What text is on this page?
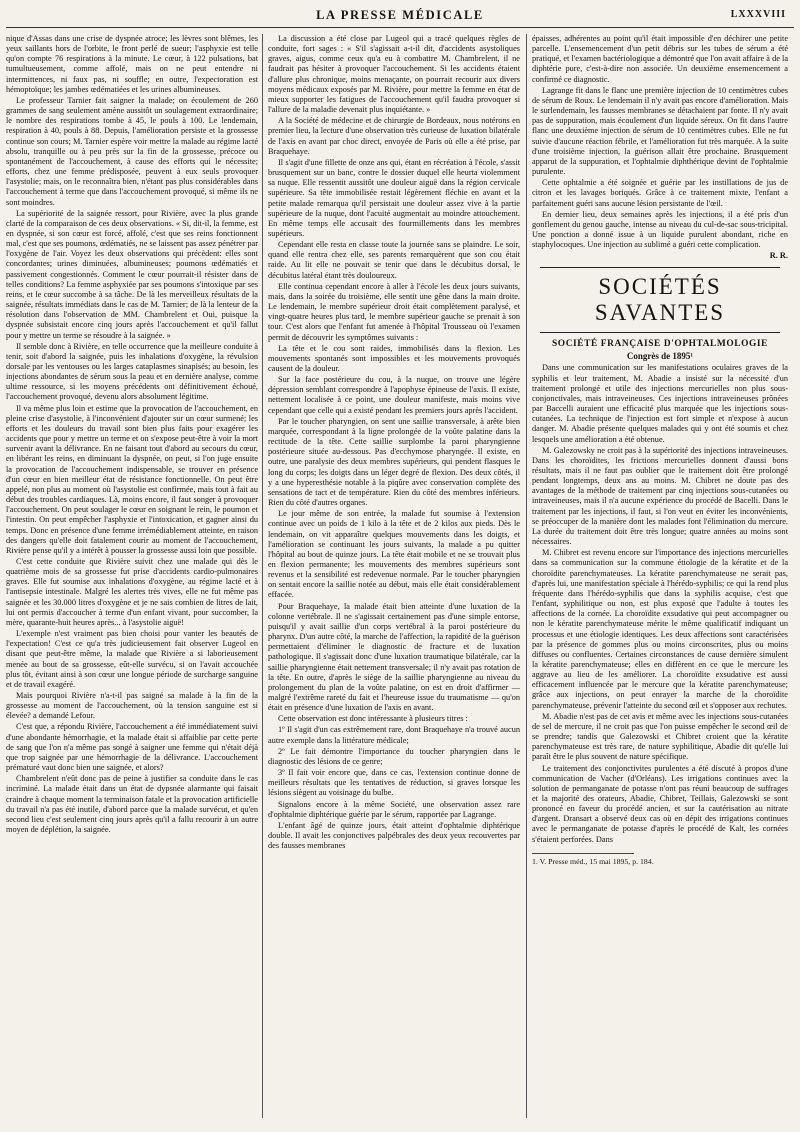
LA PRESSE MÉDICALE	LXXXVIII

nique d'Assas dans une crise de dyspnée atroce; les lèvres sont blêmes, les yeux saillants hors de l'orbite, le front perlé de sueur; l'asphyxie est telle qu'on compte 76 respirations à la minute. Le cœur, à 122 pulsations, bat tumultueusement, comme affolé, mais on ne peut entendre ni intermittences, ni faux pas, ni souffle; en outre, l'expectoration est hémoptoïque; les jambes œdématiées et les urines albumineuses.

Le professeur Tarnier fait saigner la malade; on écoulement de 260 grammes de sang seulement amène aussitôt un soulagement extraordinaire; le nombre des respirations tombe à 45, le pouls à 100. Le lendemain, respiration à 40, pouls à 88. Depuis, l'amélioration persiste et la grossesse continue son cours; M. Tarnier espère voir mettre la malade au régime lacté absolu, tranquille ou à peu près sur la fin de la grossesse, précoce ou spontanément de l'accouchement, à cause des efforts qui le nécessite; efforts, chez une femme prédisposée, peuvent à eux seuls provoquer l'asystolie; mais, on le reconnaîtra bien, n'étant pas plus considérables dans l'accouchement à terme que dans l'accouchement provoqué, si même ils ne sont moindres.

La supériorité de la saignée ressort, pour Rivière, avec la plus grande clarté de la comparaison de ces deux observations. « Si, dit-il, la femme, est en dyspnée, si son cœur est forcé, affolé, c'est que ses reins fonctionnent mal, c'est que ses poumons, œdématiés, ne se laissent pas assez pénétrer par l'oxygène de l'air. Voyez les deux observations qui précèdent: elles sont concordantes; urines diminuées, albumineuses; poumons œdématiés et passivement congestionnés. Comment le cœur pourrait-il résister dans de telles conditions? La femme asphyxiée par ses poumons s'intoxique par ses reins, et le cœur succombe à sa tâche. De là les merveilleux résultats de la saignée, résultats immédiats dans le cas de M. Tarnier; de là la lenteur de la résolution dans l'observation de MM. Chambrelent et Oui, puisque la dyspnée subsistait encore cinq jours après l'accouchement et qu'il fallut pour y mettre un terme se résoudre à la saignée. »

Il semble donc à Rivière, en telle occurrence que la meilleure conduite à tenir, soit d'abord la saignée, puis les inhalations d'oxygène, la révulsion dorsale par les ventouses ou les larges cataplasmes sinapisés; au besoin, les injections abondantes de sérum sous la peau et en dernière analyse, comme ultime ressource, si les moyens précédents ont définitivement échoué, l'accouchement provoqué, devenu alors absolument légitime.

Il va même plus loin et estime que la provocation de l'accouchement, en pleine crise d'asystolie, à l'inconvénient d'ajouter sur un cœur surmené; les efforts et les douleurs du travail sont bien plus faits pour exagérer les accidents que pour y mettre un terme et on s'expose peut-être à voir la mort survenir avant la délivrance. En ne faisant tout d'abord au secours du cœur, en libérant les reins, en diminuant la dyspnée, on peut, si l'on juge ensuite la provocation de l'accouchement indispensable, se trouver en présence d'un cœur en bien meilleur état de résistance fonctionnelle. On peut être appelé, non plus au moment où l'asystolie est confirmée, mais tout à fait au début des troubles cardiaques. Là, moins encore, il faut songer à provoquer l'accouchement. On peut soulager le cœur en soignant le rein, le poumon et l'intestin. On peut empêcher l'asphyxie et l'intoxication, et gagner ainsi du temps. Donc en présence d'une femme irrémédiablement atteinte, en raison des dangers qu'elle doit fatalement courir au moment de l'accouchement, Rivière pense qu'il y a intérêt à pousser la grossesse aussi loin que possible.

C'est cette conduite que Rivière suivit chez une malade qui dès le quatrième mois de sa grossesse fut prise d'accidents cardio-pulmonaires graves. Elle fut soumise aux inhalations d'oxygène, au régime lacté et à l'antisepsie intestinale. Malgré les alertes très vives, elle ne fut même pas saignée et les 30.000 litres d'oxygène et je ne sais combien de litres de lait, lui ont permis d'accoucher à terme d'un enfant vivant, pour succomber, la mère, quarante-huit heures après... à l'asystolie aiguë!

L'exemple n'est vraiment pas bien choisi pour vanter les beautés de l'expectation! C'est ce qu'a très judicieusement fait observer Lugeol en disant que peut-être même, la malade que Rivière a si laborieusement menée au bout de sa grossesse, eût-elle survécu, si on l'avait accouchée plus tôt, évitant ainsi à son cœur une longue période de surcharge sanguine et de travail exagéré.

Mais pourquoi Rivière n'a-t-il pas saigné sa malade à la fin de la grossesse au moment de l'accouchement, où la tension sanguine est si élevée? a demandé Lefour.

C'est que, a répondu Rivière, l'accouchement a été immédiatement suivi d'une abondante hémorrhagie, et la malade était si affaiblie par cette perte de sang que l'on n'a même pas songé à saigner une femme qui n'était déjà que trop saignée par une hémorrhagie de la délivrance. L'accouchement prématuré vaut donc bien une saignée, et alors?

Chambrelent n'eût donc pas de peine à justifier sa conduite dans le cas incriminé. La malade était dans un état de dypsnée alarmante qui faisait craindre à chaque moment la terminaison fatale et la provocation artificielle du travail n'a pas été inutile, d'abord parce que la malade survécut, et qu'en second lieu c'est seulement cinq jours après qu'il a fallu recourir à un autre moyen de déplétion, la saignée.

La discussion a été close par Lugeol qui a tracé quelques règles de conduite, fort sages : « S'il s'agissait a-t-il dit, d'accidents asystoliques graves, aigus, comme ceux qu'a eu à combattre M. Chambrelent, il ne faudrait pas hésiter à provoquer l'accouchement. Si les accidents étaient d'allure plus chronique, moins menaçante, on pourrait recourir aux divers moyens médicaux exposés par M. Rivière, pour mettre la femme en état de mieux supporter les fatigues de l'accouchement qu'il faudra provoquer si l'allure de la maladie devenait plus inquiétante. »

A la Société de médecine et de chirurgie de Bordeaux, nous notérons en premier lieu, la lecture d'une observation très curieuse de luxation bilatérale de l'axis en avant par choc direct, envoyée de Paris où elle a été prise, par Braquehaye.

Il s'agit d'une fillette de onze ans qui, étant en récréation à l'école, s'assit brusquement sur un banc, contre le dossier duquel elle heurta violemment sa nuque. Elle ressentit aussitôt une douleur aiguë dans la région cervicale supérieure. Sa tête immobilisée restait légèrement fléchie en avant et la petite malade remarqua qu'il persistait une douleur assez vive à la partie supérieure de la nuque, dont l'acuité augmentait au moindre attouchement. En même temps elle accusait des fourmillements dans les membres supérieurs.

Cependant elle resta en classe toute la journée sans se plaindre. Le soir, quand elle rentra chez elle, ses parents remarquèrent que son cou était raide. Au lit elle ne pouvait se tenir que dans le décubitus dorsal, le décubitus latéral étant très douloureux.

Elle continua cependant encore à aller à l'école les deux jours suivants, mais, dans la soirée du troisième, elle sentit une gêne dans la main droite. Le lendemain, le membre supérieur droit était complètement paralysé, et vingt-quatre heures plus tard, le membre supérieur gauche se prenait à son tour. C'est alors que l'enfant fut amenée à l'hôpital Trousseau où l'examen permit de découvrir les symptômes suivants :

La tête et le cou sont raides, immobilisés dans la flexion. Les mouvements spontanés sont impossibles et les mouvements provoqués causent de la douleur.

Sur la face postérieure du cou, à la nuque, on trouve une légère dépression semblant correspondre à l'apophyse épineuse de l'axis. Il existe, nettement localisée à ce point, une douleur manifeste, mais moins vive cependant que celle qui a existé pendant les premiers jours après l'accident.

Par le toucher pharyngien, on sent une saillie transversale, à arête bien marquée, correspondant à la ligne prolongée de la voûte palatine dans la rectitude de la tête. Cette saillie surplombe la paroi pharyngienne postérieure située au-dessous. Pas d'ecchymose pharyngée. Il existe, en outre, une paralysie des deux membres supérieurs, qui pendent flasques le long du corps; les doigts dans un léger degré de flexion. Des deux côtés, il y a une hyperesthésie notable à la piqûre avec conservation complète des sensations de tact et de température. Rien du côté des membres inférieurs. Rien du côté d'autres organes.

Le jour même de son entrée, la malade fut soumise à l'extension continue avec un poids de 1 kilo à la tête et de 2 kilos aux pieds. Dès le lendemain, on vit apparaître quelques mouvements dans les doigts, et l'amélioration se continuant les jours suivants, la malade a pu quitter l'hôpital au bout de quinze jours. La tête était mobile et ne se trouvait plus en flexion permanente; les mouvements des membres supérieurs sont revenus et la sensibilité est redevenue normale. Par le toucher pharyngien on sentait encore la saillie notée au début, mais elle était considérablement effacée.

Pour Braquehaye, la malade était bien atteinte d'une luxation de la colonne vertébrale. Il ne s'agissait certainement pas d'une simple entorse, puisqu'il y avait saillie d'un corps vertébral à la paroi postérieure du pharynx. D'un autre côté, la marche de l'affection, la rapidité de la guérison permettaient d'éliminer le diagnostic de fracture et de luxation pathologique. Il s'agissait donc d'une luxation traumatique bilatérale, car la saillie pharyngienne était nettement transversale; il n'y avait pas rotation de la tête. En outre, d'après le siège de la saillie pharyngienne au niveau du prolongement du plan de la voûte palatine, on est en droit d'affirmer — malgré l'extrême rareté du fait et l'heureuse issue du traumatisme — qu'on était en présence d'une luxation de l'axis en avant.

Cette observation est donc intéressante à plusieurs titres :

1º Il s'agit d'un cas extrêmement rare, dont Braquehaye n'a trouvé aucun autre exemple dans la littérature médicale;

2º Le fait démontre l'importance du toucher pharyngien dans le diagnostic des lésions de ce genre;

3º Il fait voir encore que, dans ce cas, l'extension continue donne de meilleurs résultats que les tentatives de réduction, si graves lorsque les lésions siègent au voisinage du bulbe.

Signalons encore à la même Société, une observation assez rare d'ophtalmie diphtérique guérie par le sérum, rapportée par Lagrange.

L'enfant âgé de quinze jours, était atteint d'ophtalmie diphtérique double. Il avait les conjonctives palpébrales des deux yeux recouvertes par des fausses membranes

épaisses, adhérentes au point qu'il était impossible d'en déchirer une petite parcelle. L'ensemencement d'un petit débris sur les tubes de sérum a été pratiqué, et l'examen bactériologique a démontré que l'on avait affaire à de la diphtérie pure, c'est-à-dire non associée. Un deuxième ensemencement a confirmé ce diagnostic.

Lagrange fit dans le flanc une première injection de 10 centimètres cubes de sérum de Roux. Le lendemain il n'y avait pas encore d'amélioration. Mais le surlendemain, les fausses membranes se détachaient par fonte. Il n'y avait pas de suppuration, mais écoulement d'un liquide séreux. On fit dans l'autre flanc une deuxième injection de sérum de 10 centimètres cubes. Elle ne fut suivie d'aucune réaction fébrile, et l'amélioration fut très marquée. A la suite d'une troisième injection, la guérison allait être prochaine. Brusquement apparut de la suppuration, et l'ophtalmie diphthérique devint de l'ophtalmie purulente.

Cette ophtalmie a été soignée et guérie par les instillations de jus de citron et les lavages boriqués. Grâce à ce traitement mixte, l'enfant a parfaitement guéri sans aucune lésion persistante de l'œil.

En dernier lieu, deux semaines après les injections, il a été pris d'un gonflement du genou gauche, intense au niveau du cul-de-sac sous-tricipital. Une ponction a donné issue à un liquide purulent abondant, riche en staphylocoques. Une injection au sublimé a guéri cette complication.

R. R.

SOCIÉTÉS SAVANTES

SOCIÉTÉ FRANÇAISE D'OPHTALMOLOGIE

Congrès de 1895¹

Dans une communication sur les manifestations oculaires graves de la syphilis et leur traitement, M. Abadie a insisté sur la nécessité d'un traitement prolongé et utile des injections mercurielles non plus sous-conjonctivales, mais intraveineuses. Ces injections intraveineuses prônées par Baccelli auraient une efficacité plus marquée que les injections sous-cutanées. La technique de l'injection est fort simple et n'expose à aucun danger. M. Abadie présente quelques malades qui y ont été soumis et chez lesquels une amélioration a été obtenue.

M. Galezowsky ne croit pas à la supériorité des injections intraveineuses. Dans les choroïdites, les frictions mercurielles donnent d'aussi bons résultats, mais il ne faut pas oublier que le traitement doit être prolongé pendant longtemps, deux ans au moins. M. Chibret ne doute pas des avantages de la méthode de traitement par cinq injections sous-cutanées ou intraveineuses, mais il n'a aucune expérience du procédé de Bacelli. Dans le traitement par les injections, il faut, si l'on veut en éviter les inconvénients, se préoccuper de la manière dont les malades font l'élimination du mercure. La durée du traitement doit être très longue; quatre années au moins sont nécessaires.

M. Chibret est revenu encore sur l'importance des injections mercurielles dans sa communication sur la commune étiologie de la kératite et de la choroïdite parenchymateuses. La kératite parenchymateuse ne serait pas, d'après lui, une manifestation spéciale à l'hérédo-syphilis; ce qui la rend plus fréquente dans l'hérédo-syphilis que dans la syphilis acquise, c'est que l'enfant, syphilitique ou non, est plus exposé que l'adulte à toutes les affections de la cornée. La choroïdite exsudative qui peut accompagner ou non le kératite parenchymateuse mérite le même qualificatif indiquant un processus et une étiologie identiques. Les deux affections sont caractérisées par la présence de gommes plus ou moins circonscrites, plus ou moins diffuses ou confluentes. Certaines circonstances de cause dernière simulent la kératite parenchymateuse; elles en diffèrent en ce que le mercure les aggrave au lieu de les améliorer. La choroïdite exsudative est aussi efficacement influencée par le mercure que la kératite parenchymateuse; grâce aux injections, on peut enrayer la marche de la choroïdite parenchymateuse, prévenir l'atteinte du second œil et s'opposer aux rechutes.

M. Abadie n'est pas de cet avis et même avec les injections sous-cutanées de sel de mercure, il ne croit pas que l'on puisse empêcher le second œil de se prendre; tandis que Galezowski et Chibret croient que la kératite parenchymateuse est très rare, de nature syphilitique, Abadie dit qu'elle lui paraît être le plus souvent de nature spécifique.

Le traitement des conjonctivites purulentes a été discuté à propos d'une communication de Vacher (d'Orléans). Les irrigations continues avec la solution de permanganate de potasse n'ont pas réuni beaucoup de suffrages et la majorité des orateurs, Abadie, Chibret, Teillais, Galezowski se sont prononcé en faveur du procédé ancien, et sur la cautérisation au nitrate d'argent. Dransart a observé deux cas où en dépit des irrigations continues avec le permanganate de potasse d'après le procédé de Kalt, les cornées s'étaient perforées. Dans

1. V. Presse méd., 15 mai 1895, p. 184.
